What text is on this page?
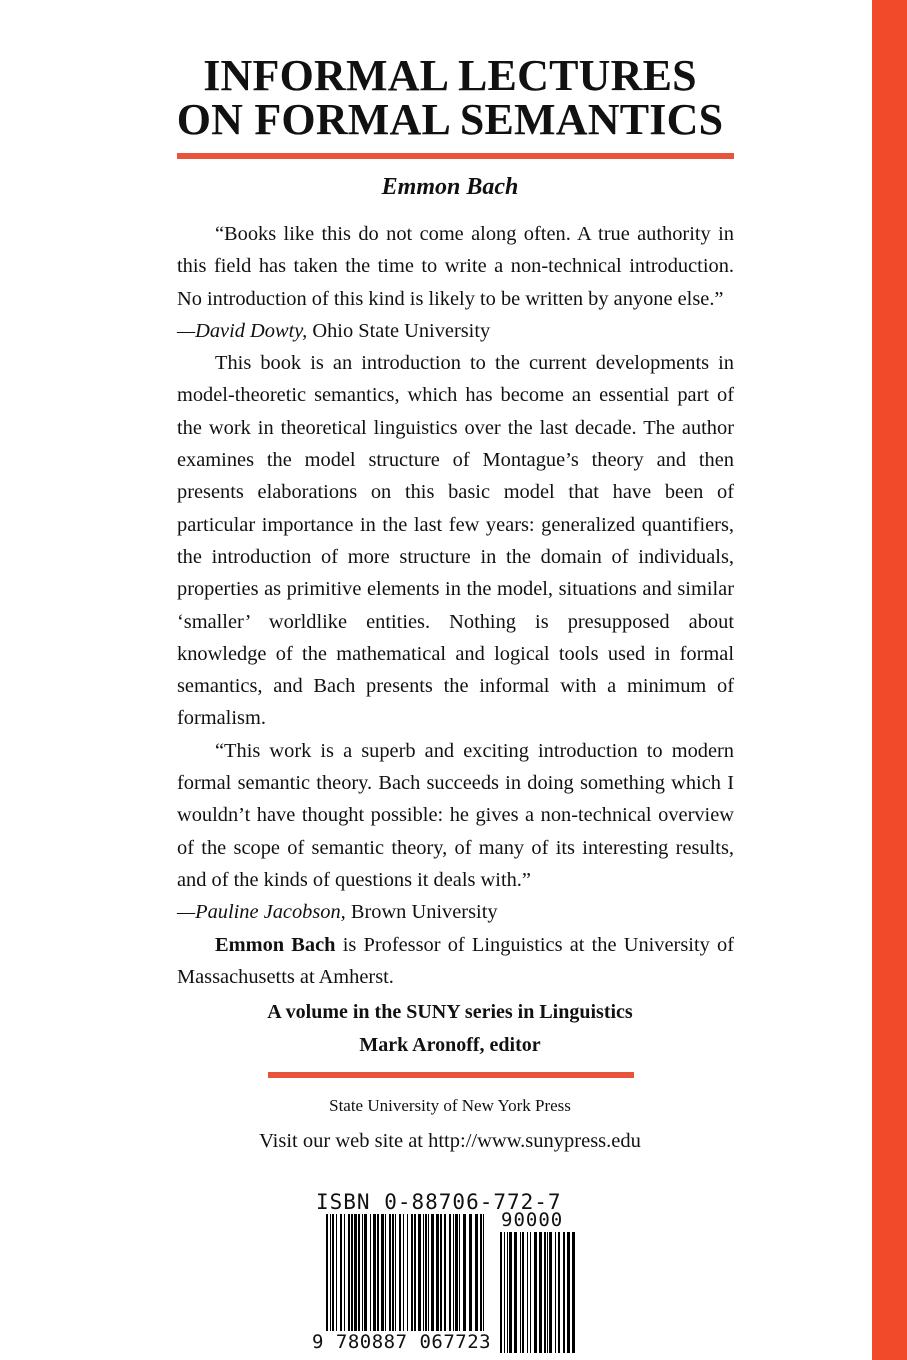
INFORMAL LECTURES
ON FORMAL SEMANTICS
Emmon Bach

“Books like this do not come along often. A true authority in this field has taken the time to write a non-technical introduction. No introduction of this kind is likely to be written by anyone else.”

—David Dowty, Ohio State University

This book is an introduction to the current developments in model-theoretic semantics, which has become an essential part of the work in theoretical linguistics over the last decade. The author examines the model structure of Montague’s theory and then presents elaborations on this basic model that have been of particular importance in the last few years: generalized quantifiers, the introduction of more structure in the domain of individuals, properties as primitive elements in the model, situations and similar ‘smaller’ worldlike entities. Nothing is presupposed about knowledge of the mathematical and logical tools used in formal semantics, and Bach presents the informal with a minimum of formalism.

“This work is a superb and exciting introduction to modern formal semantic theory. Bach succeeds in doing something which I wouldn’t have thought possible: he gives a non-technical overview of the scope of semantic theory, of many of its interesting results, and of the kinds of questions it deals with.”

—Pauline Jacobson, Brown University

Emmon Bach is Professor of Linguistics at the University of Massachusetts at Amherst.

A volume in the SUNY series in Linguistics
Mark Aronoff, editor
State University of New York Press
Visit our web site at http://www.sunypress.edu
ISBN 0-88706-772-7
90000
9 780887 067723
